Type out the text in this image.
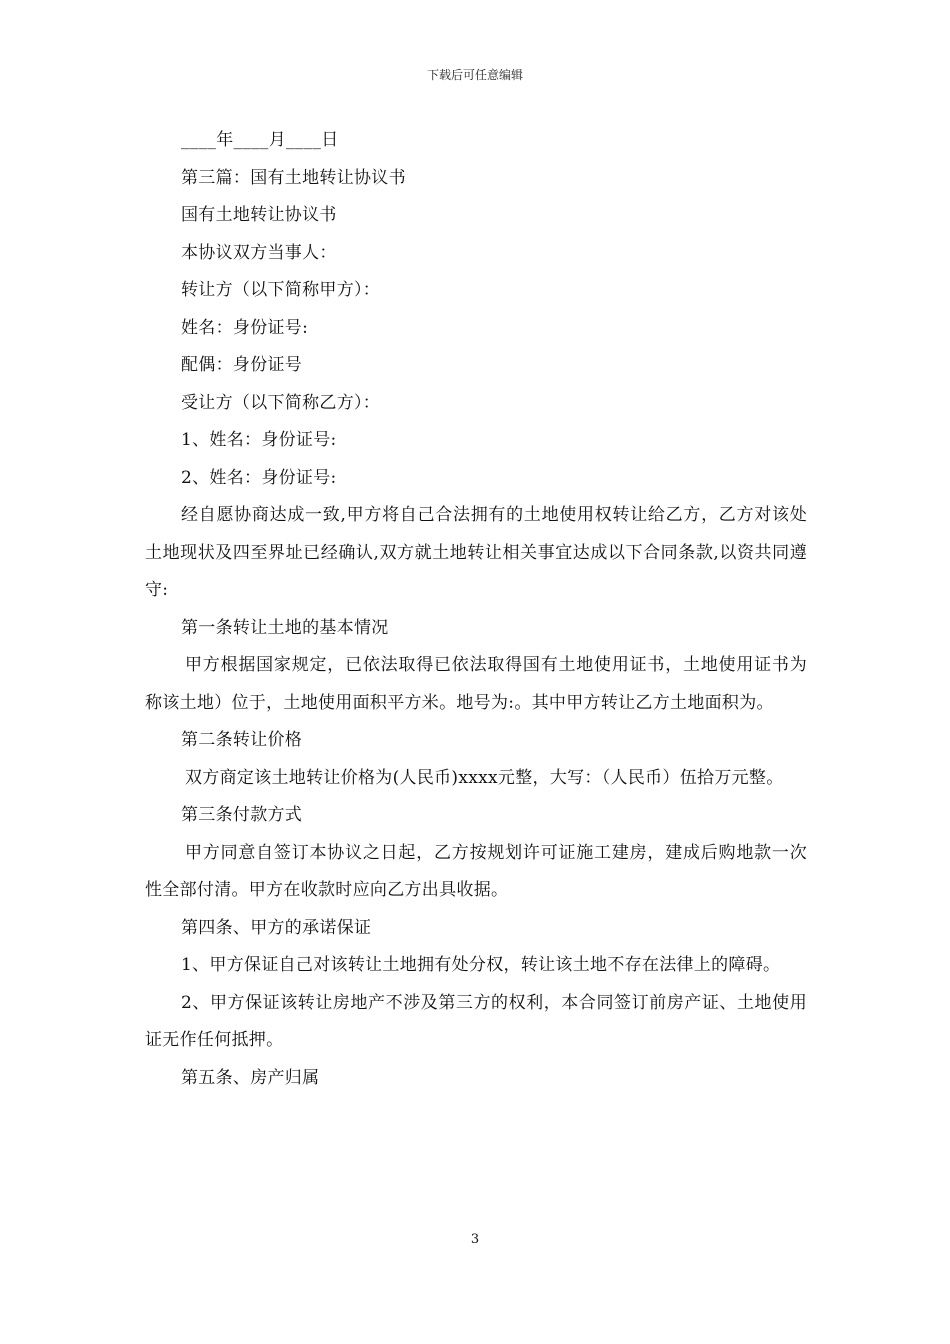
下载后可任意编辑

____年____月____日

第三篇：国有土地转让协议书

国有土地转让协议书

本协议双方当事人：

转让方（以下简称甲方）：

姓名：身份证号:

配偶：身份证号

受让方（以下简称乙方）：

1、姓名：身份证号:

2、姓名：身份证号:

经自愿协商达成一致,甲方将自己合法拥有的土地使用权转让给乙方，乙方对该处土地现状及四至界址已经确认,双方就土地转让相关事宜达成以下合同条款,以资共同遵守:

第一条转让土地的基本情况

甲方根据国家规定，已依法取得已依法取得国有土地使用证书，土地使用证书为称该土地）位于，土地使用面积平方米。地号为:。其中甲方转让乙方土地面积为。

第二条转让价格

双方商定该土地转让价格为(人民币)xxxx元整，大写：（人民币）伍拾万元整。

第三条付款方式

甲方同意自签订本协议之日起，乙方按规划许可证施工建房，建成后购地款一次性全部付清。甲方在收款时应向乙方出具收据。

第四条、甲方的承诺保证

1、甲方保证自己对该转让土地拥有处分权，转让该土地不存在法律上的障碍。

2、甲方保证该转让房地产不涉及第三方的权利，本合同签订前房产证、土地使用证无作任何抵押。

第五条、房产归属

3
